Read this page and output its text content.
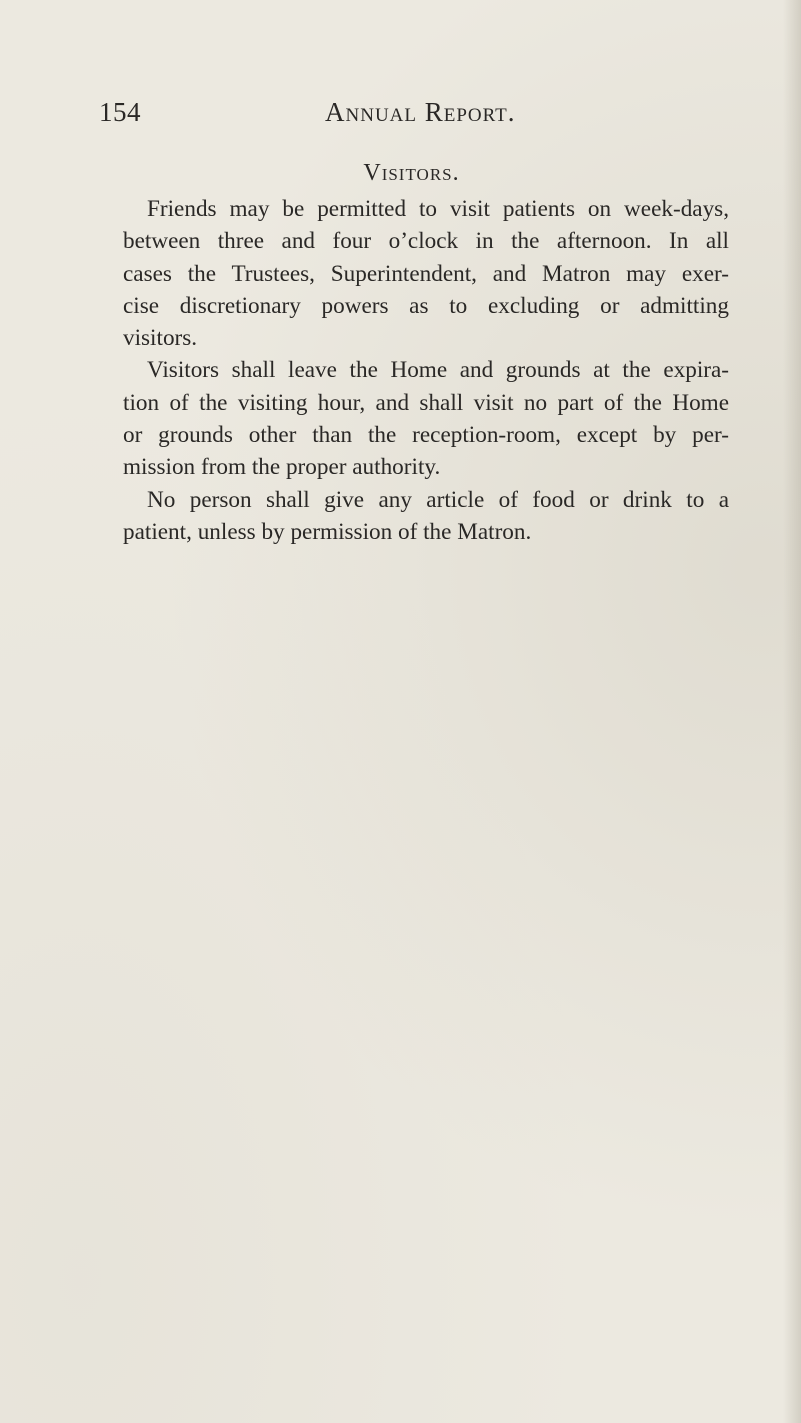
154	Annual Report.
Visitors.
Friends may be permitted to visit patients on week-days,
between three and four o’clock in the afternoon. In all
cases the Trustees, Superintendent, and Matron may exer-
cise discretionary powers as to excluding or admitting
visitors.
Visitors shall leave the Home and grounds at the expira-
tion of the visiting hour, and shall visit no part of the Home
or grounds other than the reception-room, except by per-
mission from the proper authority.
No person shall give any article of food or drink to a
patient, unless by permission of the Matron.
